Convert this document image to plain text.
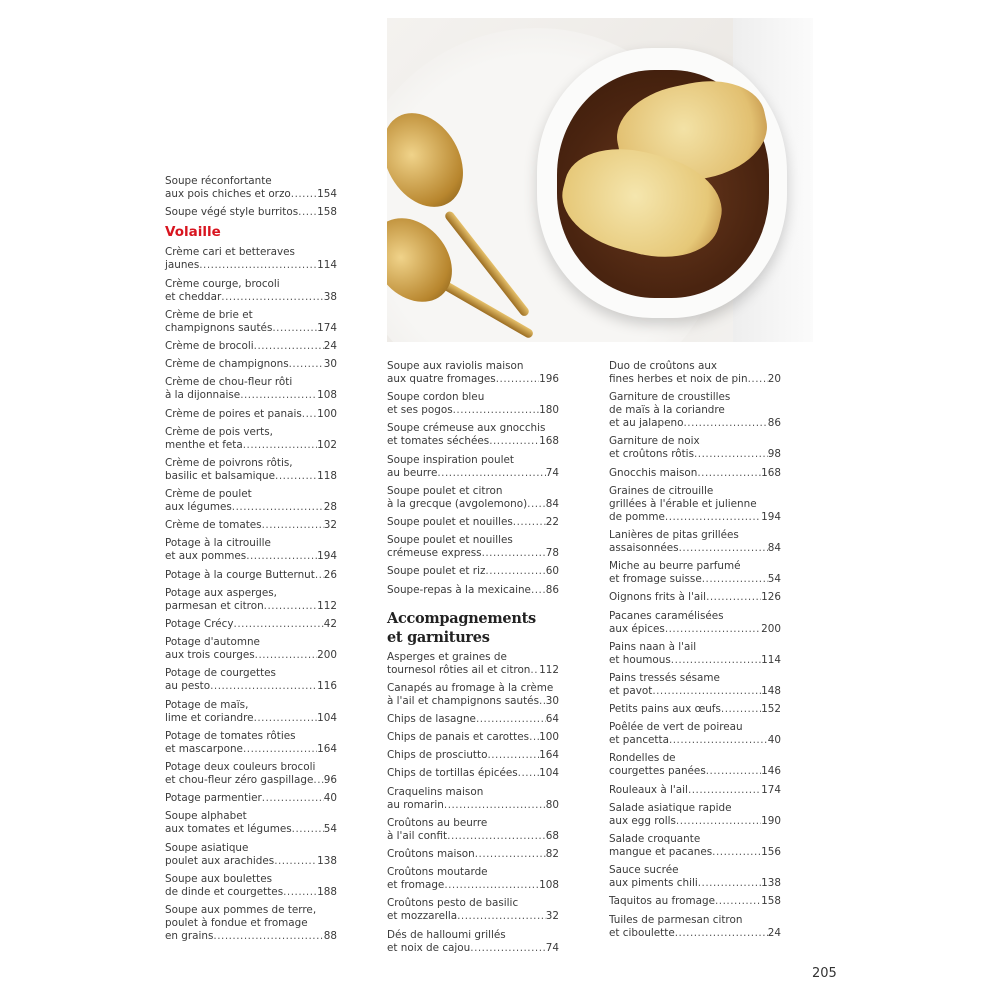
Soupe réconfortante
aux pois chiches et orzo .....	154
Soupe végé style burritos ..... 158
Volaille
Crème cari et betteraves
jaunes .....	114
Crème courge, brocoli
et cheddar .....	38
Crème de brie et
champignons sautés .....	174
Crème de brocoli .....	24
Crème de champignons .....	30
Crème de chou-fleur rôti
à la dijonnaise .....	108
Crème de poires et panais ..... 100
Crème de pois verts,
menthe et feta .....	102
Crème de poivrons rôtis,
basilic et balsamique .....	118
Crème de poulet
aux légumes .....	28
Crème de tomates .....	32
Potage à la citrouille
et aux pommes .....	194
Potage à la courge Butternut ..... 26
Potage aux asperges,
parmesan et citron .....	112
Potage Crécy .....	42
Potage d'automne
aux trois courges .....	200
Potage de courgettes
au pesto .....	116
Potage de maïs,
lime et coriandre .....	104
Potage de tomates rôties
et mascarpone .....	164
Potage deux couleurs brocoli
et chou-fleur zéro gaspillage ..... 96
Potage parmentier .....	40
Soupe alphabet
aux tomates et légumes .....	54
Soupe asiatique
poulet aux arachides .....	138
Soupe aux boulettes
de dinde et courgettes .....	188
Soupe aux pommes de terre,
poulet à fondue et fromage
en grains .....	88
Soupe aux raviolis maison
aux quatre fromages .....	196
Soupe cordon bleu
et ses pogos .....	180
Soupe crémeuse aux gnocchis
et tomates séchées .....	168
Soupe inspiration poulet
au beurre .....	74
Soupe poulet et citron
à la grecque (avgolemono) ..... 84
Soupe poulet et nouilles .....	22
Soupe poulet et nouilles
crémeuse express .....	78
Soupe poulet et riz .....	60
Soupe-repas à la mexicaine ..... 86
Accompagnements
et garnitures
Asperges et graines de
tournesol rôties ail et citron ..... 112
Canapés au fromage à la crème
à l'ail et champignons sautés ..... 30
Chips de lasagne .....	64
Chips de panais et carottes ..... 100
Chips de prosciutto .....	164
Chips de tortillas épicées ..... 104
Craquelins maison
au romarin .....	80
Croûtons au beurre
à l'ail confit .....	68
Croûtons maison .....	82
Croûtons moutarde
et fromage .....	108
Croûtons pesto de basilic
et mozzarella .....	32
Dés de halloumi grillés
et noix de cajou .....	74
Duo de croûtons aux
fines herbes et noix de pin ..... 20
Garniture de croustilles
de maïs à la coriandre
et au jalapeno .....	86
Garniture de noix
et croûtons rôtis .....	98
Gnocchis maison .....	168
Graines de citrouille
grillées à l'érable et julienne
de pomme .....	194
Lanières de pitas grillées
assaisonnées .....	84
Miche au beurre parfumé
et fromage suisse .....	54
Oignons frits à l'ail .....	126
Pacanes caramélisées
aux épices .....	200
Pains naan à l'ail
et houmous .....	114
Pains tressés sésame
et pavot .....	148
Petits pains aux œufs .....	152
Poêlée de vert de poireau
et pancetta .....	40
Rondelles de
courgettes panées .....	146
Rouleaux à l'ail .....	174
Salade asiatique rapide
aux egg rolls .....	190
Salade croquante
mangue et pacanes .....	156
Sauce sucrée
aux piments chili .....	138
Taquitos au fromage .....	158
Tuiles de parmesan citron
et ciboulette .....	24
205
